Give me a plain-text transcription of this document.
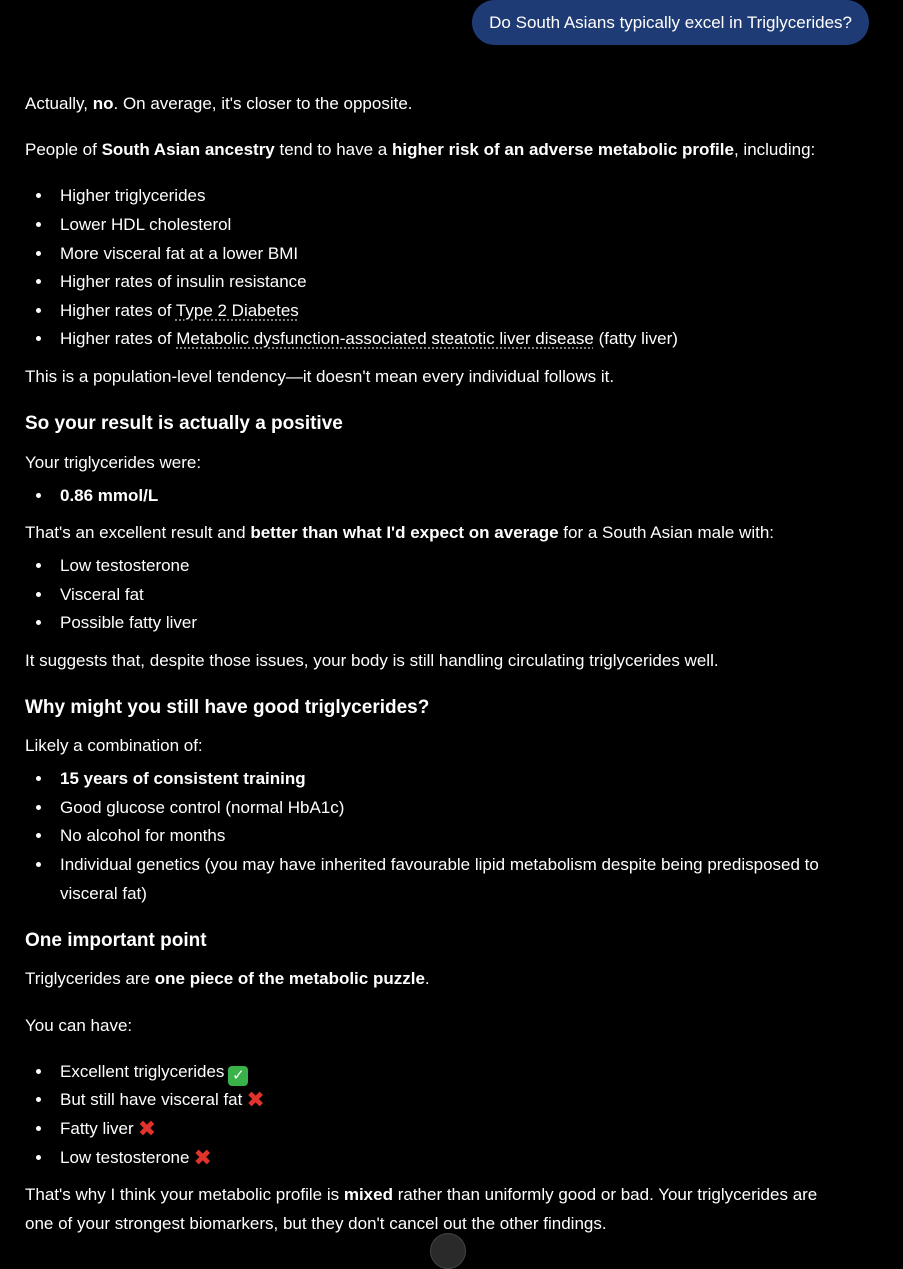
Do South Asians typically excel in Triglycerides?
Actually, no. On average, it's closer to the opposite.
People of South Asian ancestry tend to have a higher risk of an adverse metabolic profile, including:
Higher triglycerides
Lower HDL cholesterol
More visceral fat at a lower BMI
Higher rates of insulin resistance
Higher rates of Type 2 Diabetes
Higher rates of Metabolic dysfunction-associated steatotic liver disease (fatty liver)
This is a population-level tendency—it doesn't mean every individual follows it.
So your result is actually a positive
Your triglycerides were:
0.86 mmol/L
That's an excellent result and better than what I'd expect on average for a South Asian male with:
Low testosterone
Visceral fat
Possible fatty liver
It suggests that, despite those issues, your body is still handling circulating triglycerides well.
Why might you still have good triglycerides?
Likely a combination of:
15 years of consistent training
Good glucose control (normal HbA1c)
No alcohol for months
Individual genetics (you may have inherited favourable lipid metabolism despite being predisposed to
visceral fat)
One important point
Triglycerides are one piece of the metabolic puzzle.
You can have:
Excellent triglycerides ✓
But still have visceral fat ✖
Fatty liver ✖
Low testosterone ✖
That's why I think your metabolic profile is mixed rather than uniformly good or bad. Your triglycerides are
one of your strongest biomarkers, but they don't cancel out the other findings.
